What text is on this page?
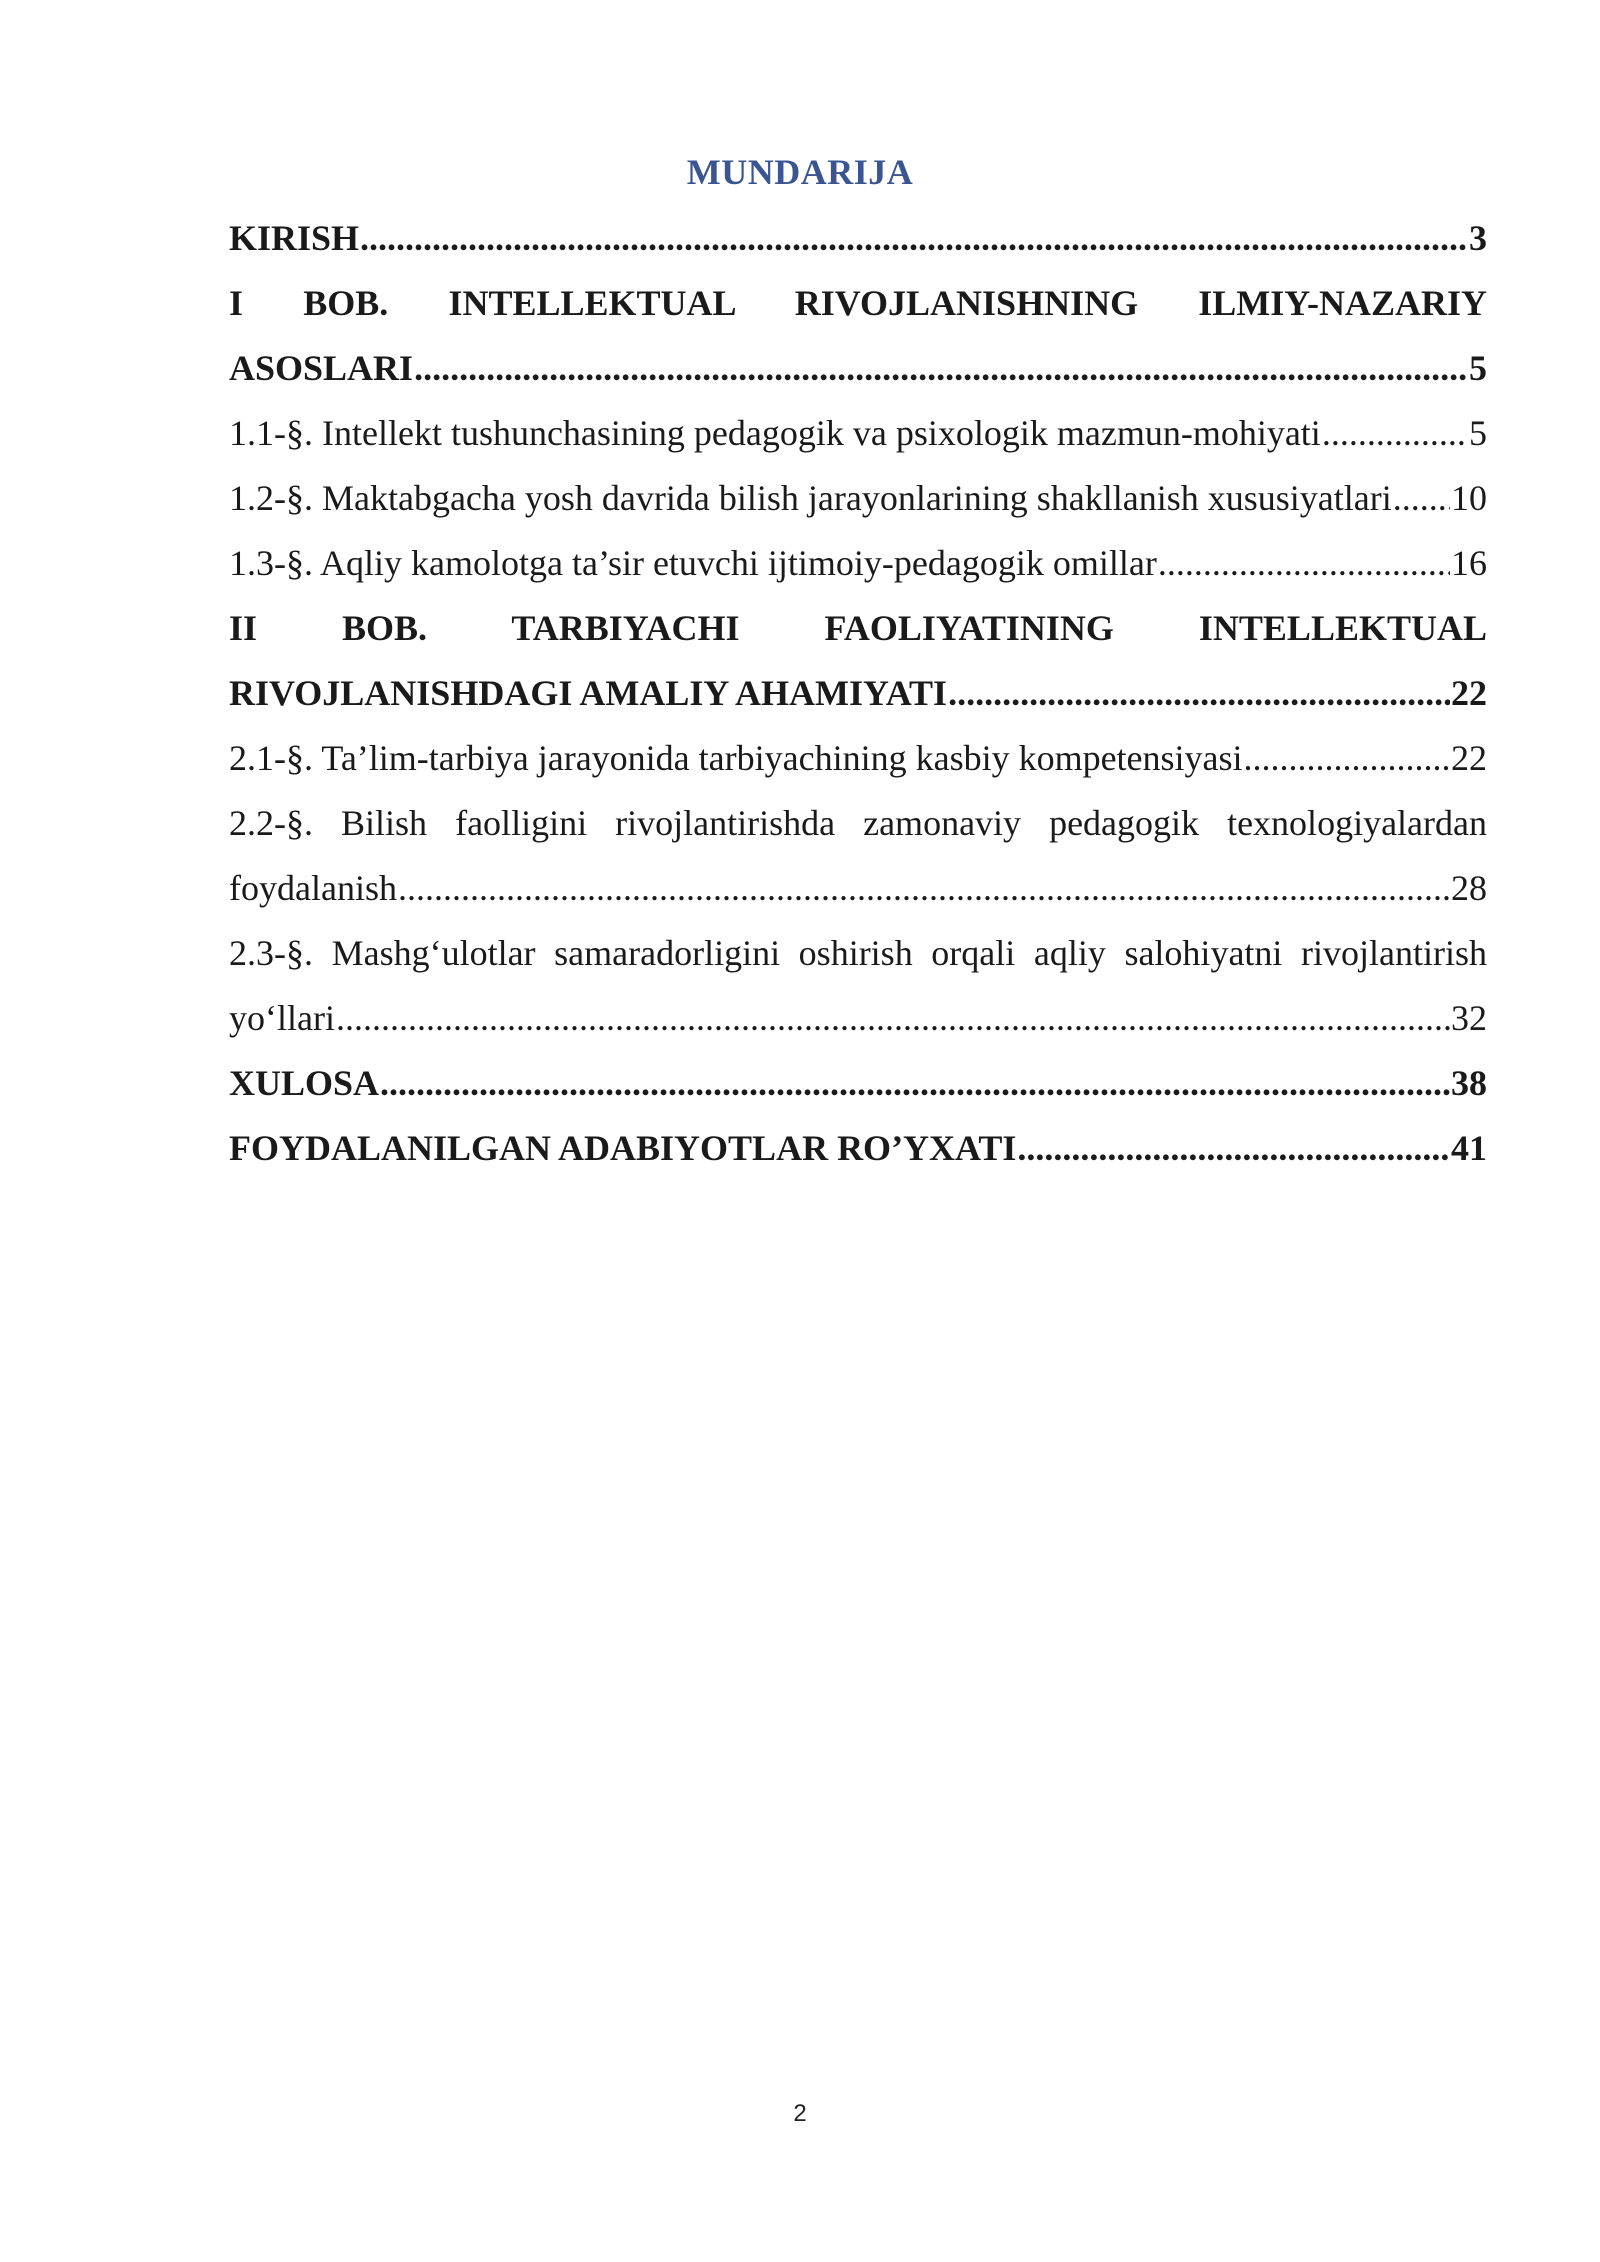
MUNDARIJA
KIRISH .....	3
I BOB. INTELLEKTUAL RIVOJLANISHNING ILMIY-NAZARIY
ASOSLARI .....	5
1.1-§. Intellekt tushunchasining pedagogik va psixologik mazmun-mohiyati .....	5
1.2-§. Maktabgacha yosh davrida bilish jarayonlarining shakllanish xususiyatlari ..... 10
1.3-§. Aqliy kamolotga ta’sir etuvchi ijtimoiy-pedagogik omillar .....	16
II BOB. TARBIYACHI FAOLIYATINING INTELLEKTUAL
RIVOJLANISHDAGI AMALIY AHAMIYATI .....	22
2.1-§. Ta’lim-tarbiya jarayonida tarbiyachining kasbiy kompetensiyasi .....	22
2.2-§. Bilish faolligini rivojlantirishda zamonaviy pedagogik texnologiyalardan
foydalanish .....	28
2.3-§. Mashg‘ulotlar samaradorligini oshirish orqali aqliy salohiyatni rivojlantirish
yo‘llari .....	32
XULOSA .....	38
FOYDALANILGAN ADABIYOTLAR RO’YXATI .....	41
2
